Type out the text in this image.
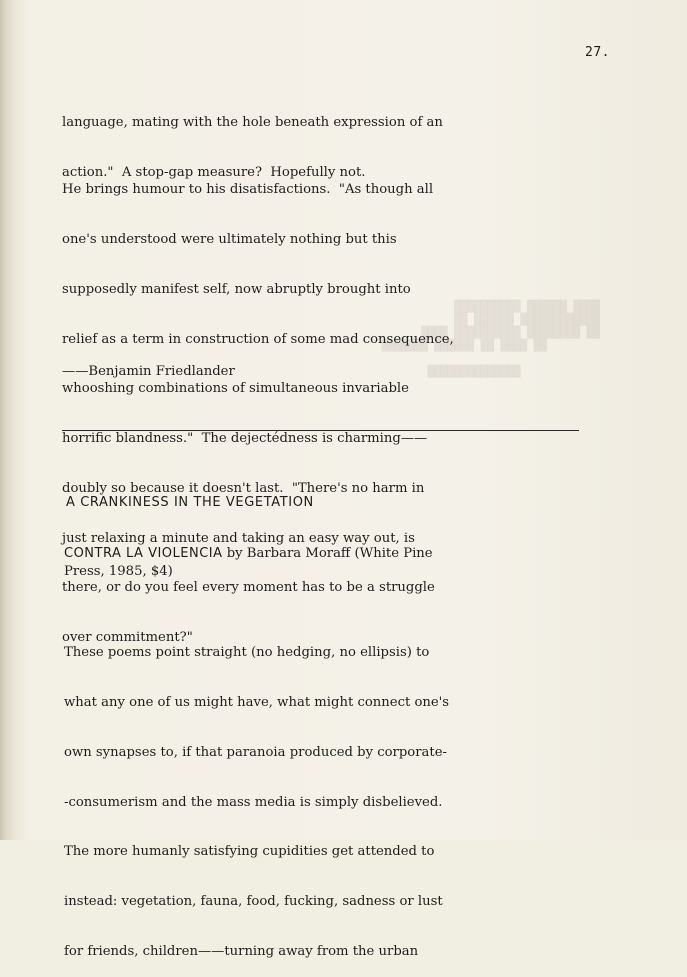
27.

language, mating with the hole beneath expression of an

action."  A stop-gap measure?  Hopefully not.

He brings humour to his disatisfactions.  "As though all

one's understood were ultimately nothing but this

supposedly manifest self, now abruptly brought into

relief as a term in construction of some mad consequence,

whooshing combinations of simultaneous invariable

horrific blandness."  The dejectédness is charming——

doubly so because it doesn't last.  "There's no harm in

just relaxing a minute and taking an easy way out, is

there, or do you feel every moment has to be a struggle

over commitment?"

——Benjamin Friedlander
A CRANKINESS IN THE VEGETATION
CONTRA LA VIOLENCIA by Barbara Moraff (White Pine
Press, 1985, $4)

These poems point straight (no hedging, no ellipsis) to

what any one of us might have, what might connect one's

own synapses to, if that paranoia produced by corporate-

-consumerism and the mass media is simply disbelieved.

The more humanly satisfying cupidities get attended to

instead: vegetation, fauna, food, fucking, sadness or lust

for friends, children——turning away from the urban
